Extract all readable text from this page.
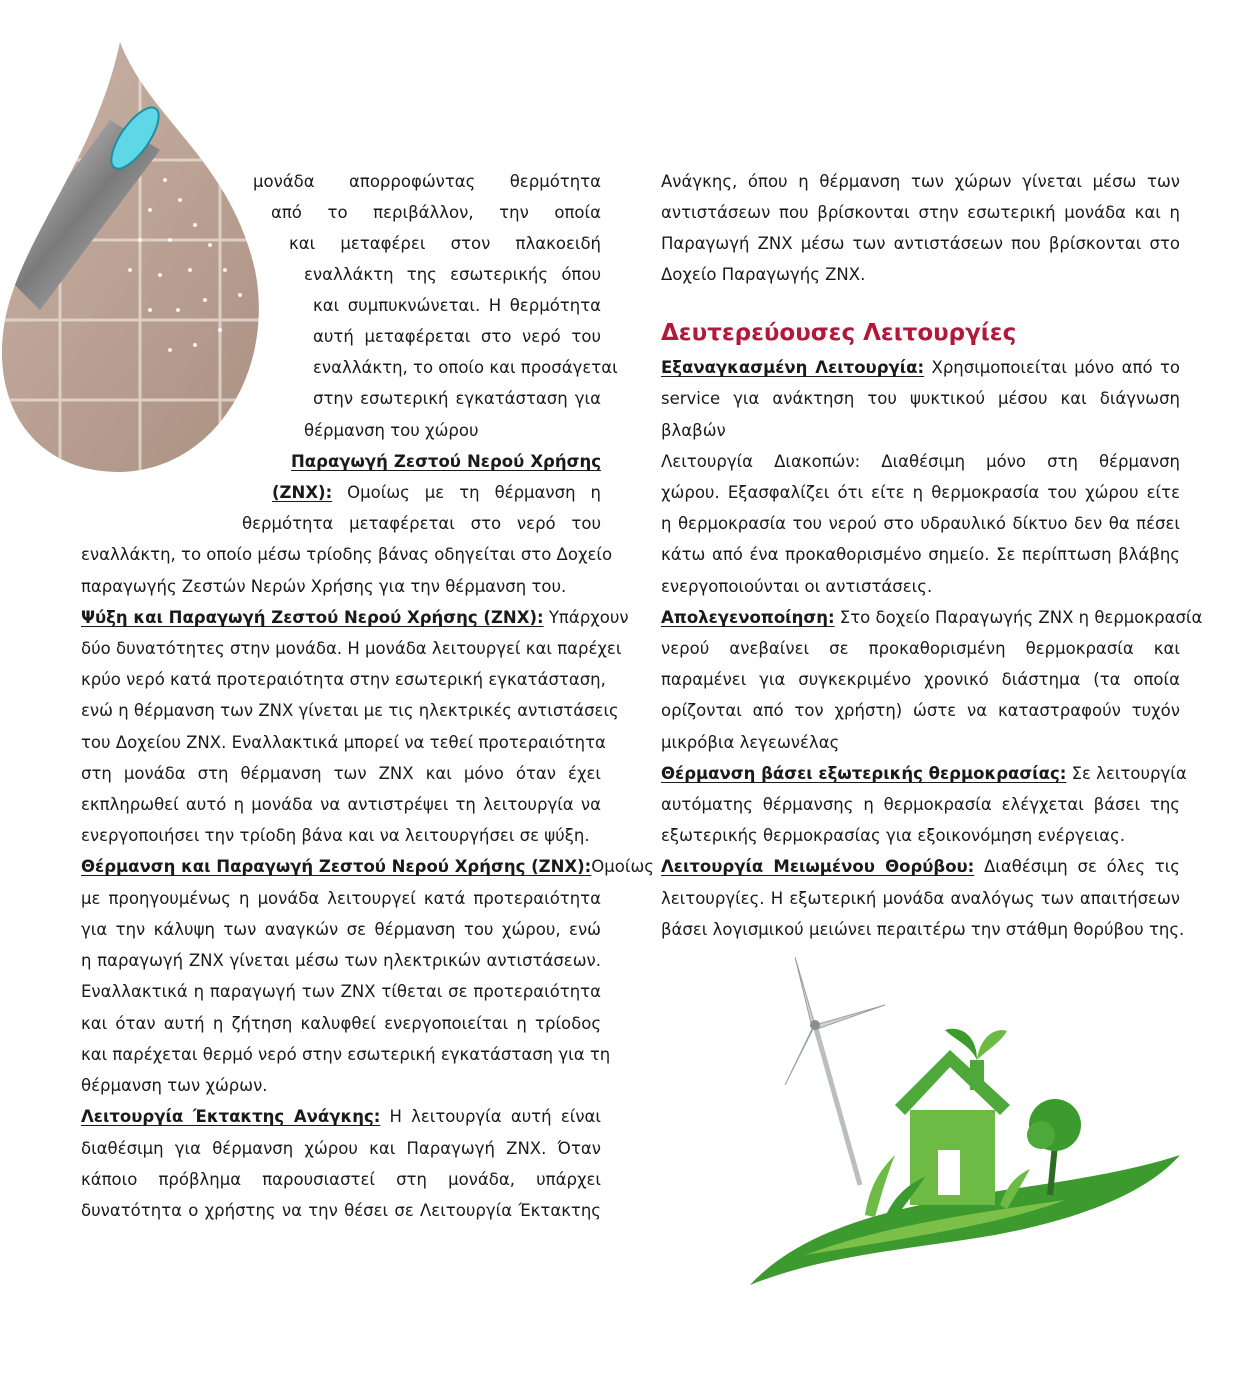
μονάδα απορροφώντας θερμότητα
από το περιβάλλον, την οποία
και μεταφέρει στον πλακοειδή
εναλλάκτη της εσωτερικής όπου
και συμπυκνώνεται. Η θερμότητα
αυτή μεταφέρεται στο νερό του
εναλλάκτη, το οποίο και προσάγεται
στην εσωτερική εγκατάσταση για
θέρμανση του χώρου
Παραγωγή Ζεστού Νερού Χρήσης
(ΖΝΧ): Ομοίως με τη θέρμανση η
θερμότητα μεταφέρεται στο νερό του
εναλλάκτη, το οποίο μέσω τρίοδης βάνας οδηγείται στο Δοχείο
παραγωγής Ζεστών Νερών Χρήσης για την θέρμανση του.
Ψύξη και Παραγωγή Ζεστού Νερού Χρήσης (ΖΝΧ): Υπάρχουν
δύο δυνατότητες στην μονάδα. Η μονάδα λειτουργεί και παρέχει
κρύο νερό κατά προτεραιότητα στην εσωτερική εγκατάσταση,
ενώ η θέρμανση των ΖΝΧ γίνεται με τις ηλεκτρικές αντιστάσεις
του Δοχείου ΖΝΧ. Εναλλακτικά μπορεί να τεθεί προτεραιότητα
στη μονάδα στη θέρμανση των ΖΝΧ και μόνο όταν έχει
εκπληρωθεί αυτό η μονάδα να αντιστρέψει τη λειτουργία να
ενεργοποιήσει την τρίοδη βάνα και να λειτουργήσει σε ψύξη.
Θέρμανση και Παραγωγή Ζεστού Νερού Χρήσης (ΖΝΧ):Ομοίως
με προηγουμένως η μονάδα λειτουργεί κατά προτεραιότητα
για την κάλυψη των αναγκών σε θέρμανση του χώρου, ενώ
η παραγωγή ΖΝΧ γίνεται μέσω των ηλεκτρικών αντιστάσεων.
Εναλλακτικά η παραγωγή των ΖΝΧ τίθεται σε προτεραιότητα
και όταν αυτή η ζήτηση καλυφθεί ενεργοποιείται η τρίοδος
και παρέχεται θερμό νερό στην εσωτερική εγκατάσταση για τη
θέρμανση των χώρων.
Λειτουργία Έκτακτης Ανάγκης: Η λειτουργία αυτή είναι
διαθέσιμη για θέρμανση χώρου και Παραγωγή ΖΝΧ. Όταν
κάποιο πρόβλημα παρουσιαστεί στη μονάδα, υπάρχει
δυνατότητα ο χρήστης να την θέσει σε Λειτουργία Έκτακτης
Ανάγκης, όπου η θέρμανση των χώρων γίνεται μέσω των
αντιστάσεων που βρίσκονται στην εσωτερική μονάδα και η
Παραγωγή ΖΝΧ μέσω των αντιστάσεων που βρίσκονται στο
Δοχείο Παραγωγής ΖΝΧ.
Δευτερεύουσες Λειτουργίες
Εξαναγκασμένη Λειτουργία: Χρησιμοποιείται μόνο από το
service για ανάκτηση του ψυκτικού μέσου και διάγνωση
βλαβών
Λειτουργία Διακοπών: Διαθέσιμη μόνο στη θέρμανση
χώρου. Εξασφαλίζει ότι είτε η θερμοκρασία του χώρου είτε
η θερμοκρασία του νερού στο υδραυλικό δίκτυο δεν θα πέσει
κάτω από ένα προκαθορισμένο σημείο. Σε περίπτωση βλάβης
ενεργοποιούνται οι αντιστάσεις.
Απολεγενοποίηση: Στο δοχείο Παραγωγής ΖΝΧ η θερμοκρασία
νερού ανεβαίνει σε προκαθορισμένη θερμοκρασία και
παραμένει για συγκεκριμένο χρονικό διάστημα (τα οποία
ορίζονται από τον χρήστη) ώστε να καταστραφούν τυχόν
μικρόβια λεγεωνέλας
Θέρμανση βάσει εξωτερικής θερμοκρασίας: Σε λειτουργία
αυτόματης θέρμανσης η θερμοκρασία ελέγχεται βάσει της
εξωτερικής θερμοκρασίας για εξοικονόμηση ενέργειας.
Λειτουργία Μειωμένου Θορύβου: Διαθέσιμη σε όλες τις
λειτουργίες. Η εξωτερική μονάδα αναλόγως των απαιτήσεων
βάσει λογισμικού μειώνει περαιτέρω την στάθμη θορύβου της.
